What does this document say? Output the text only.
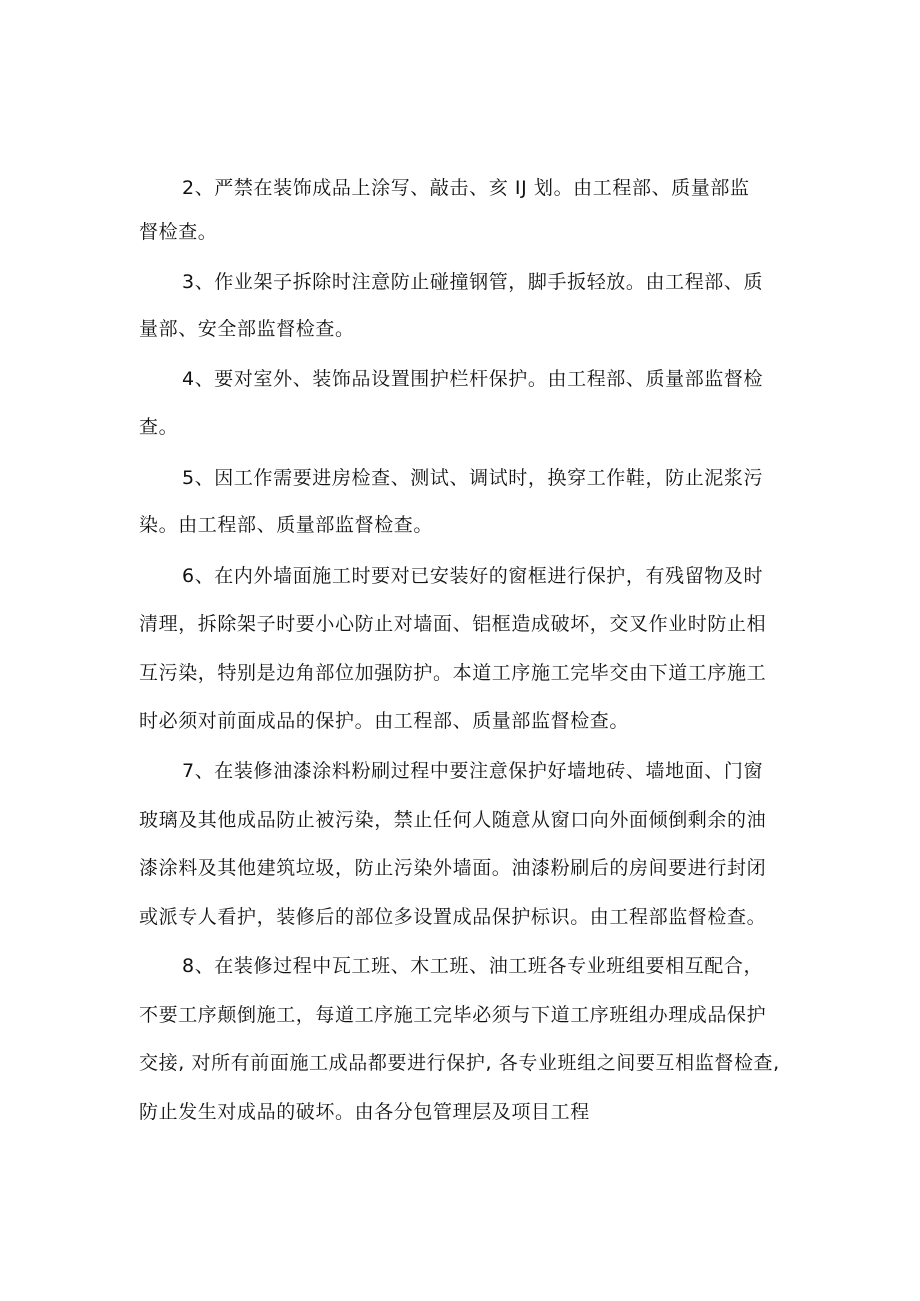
2、严禁在装饰成品上涂写、敲击、亥 IJ 划。由工程部、质量部监
督检查。
3、作业架子拆除时注意防止碰撞钢管，脚手扳轻放。由工程部、质
量部、安全部监督检查。
4、要对室外、装饰品设置围护栏杆保护。由工程部、质量部监督检
查。
5、因工作需要进房检查、测试、调试时，换穿工作鞋，防止泥浆污
染。由工程部、质量部监督检查。
6、在内外墙面施工时要对已安装好的窗框进行保护，有残留物及时
清理，拆除架子时要小心防止对墙面、铝框造成破坏，交叉作业时防止相
互污染，特别是边角部位加强防护。本道工序施工完毕交由下道工序施工
时必须对前面成品的保护。由工程部、质量部监督检查。
7、在装修油漆涂料粉刷过程中要注意保护好墙地砖、墙地面、门窗
玻璃及其他成品防止被污染，禁止任何人随意从窗口向外面倾倒剩余的油
漆涂料及其他建筑垃圾，防止污染外墙面。油漆粉刷后的房间要进行封闭
或派专人看护，装修后的部位多设置成品保护标识。由工程部监督检查。
8、在装修过程中瓦工班、木工班、油工班各专业班组要相互配合，
不要工序颠倒施工，每道工序施工完毕必须与下道工序班组办理成品保护
交接, 对所有前面施工成品都要进行保护, 各专业班组之间要互相监督检查,
防止发生对成品的破坏。由各分包管理层及项目工程
